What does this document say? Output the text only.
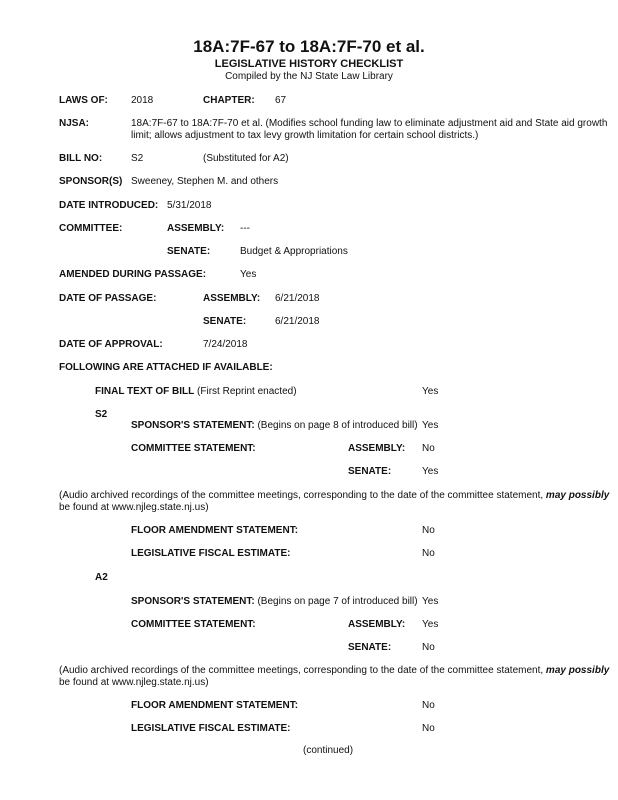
18A:7F-67 to 18A:7F-70 et al.
LEGISLATIVE HISTORY CHECKLIST
Compiled by the NJ State Law Library
LAWS OF: 2018	CHAPTER: 67
NJSA:	18A:7F-67 to 18A:7F-70 et al. (Modifies school funding law to eliminate adjustment aid and State aid growth
limit; allows adjustment to tax levy growth limitation for certain school districts.)
BILL NO:	S2	(Substituted for A2)
SPONSOR(S) Sweeney, Stephen M. and others
DATE INTRODUCED: 5/31/2018
COMMITTEE:	ASSEMBLY: ---
SENATE:	Budget & Appropriations
AMENDED DURING PASSAGE:	Yes
DATE OF PASSAGE:	ASSEMBLY: 6/21/2018
SENATE:	6/21/2018
DATE OF APPROVAL:	7/24/2018
FOLLOWING ARE ATTACHED IF AVAILABLE:
FINAL TEXT OF BILL (First Reprint enacted)	Yes
S2
SPONSOR'S STATEMENT: (Begins on page 8 of introduced bill) Yes
COMMITTEE STATEMENT:	ASSEMBLY: No
SENATE:	Yes
(Audio archived recordings of the committee meetings, corresponding to the date of the committee statement, may possibly
be found at www.njleg.state.nj.us)
FLOOR AMENDMENT STATEMENT:	No
LEGISLATIVE FISCAL ESTIMATE:	No
A2
SPONSOR'S STATEMENT: (Begins on page 7 of introduced bill) Yes
COMMITTEE STATEMENT:	ASSEMBLY: Yes
SENATE:	No
(Audio archived recordings of the committee meetings, corresponding to the date of the committee statement, may possibly
be found at www.njleg.state.nj.us)
FLOOR AMENDMENT STATEMENT:	No
LEGISLATIVE FISCAL ESTIMATE:	No
(continued)
